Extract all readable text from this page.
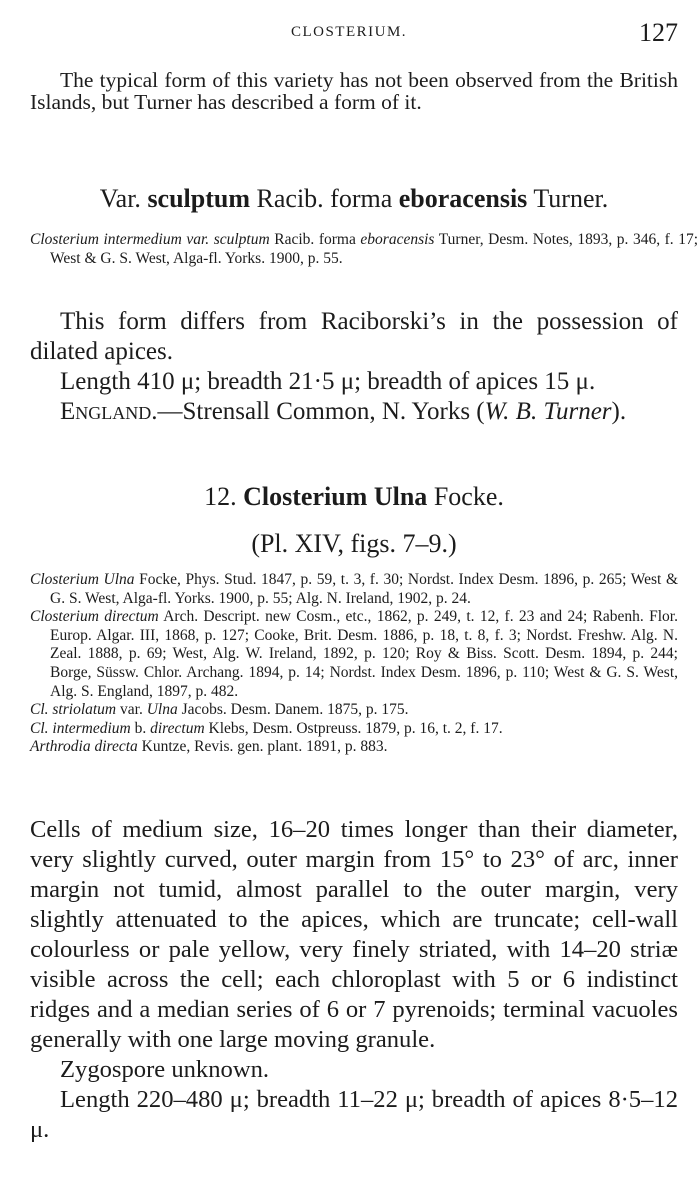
CLOSTERIUM.	127
The typical form of this variety has not been observed from the British Islands, but Turner has described a form of it.
Var. sculptum Racib. forma eboracensis Turner.
Closterium intermedium var. sculptum Racib. forma eboracensis Turner, Desm. Notes, 1893, p. 346, f. 17; West & G. S. West, Alga-fl. Yorks. 1900, p. 55.
This form differs from Raciborski’s in the possession of dilated apices.
Length 410 μ; breadth 21·5 μ; breadth of apices 15 μ.
England.—Strensall Common, N. Yorks (W. B. Turner).
12. Closterium Ulna Focke.
(Pl. XIV, figs. 7–9.)
Closterium Ulna Focke, Phys. Stud. 1847, p. 59, t. 3, f. 30; Nordst. Index Desm. 1896, p. 265; West & G. S. West, Alga-fl. Yorks. 1900, p. 55; Alg. N. Ireland, 1902, p. 24.
Closterium directum Arch. Descript. new Cosm., etc., 1862, p. 249, t. 12, f. 23 and 24; Rabenh. Flor. Europ. Algar. III, 1868, p. 127; Cooke, Brit. Desm. 1886, p. 18, t. 8, f. 3; Nordst. Freshw. Alg. N. Zeal. 1888, p. 69; West, Alg. W. Ireland, 1892, p. 120; Roy & Biss. Scott. Desm. 1894, p. 244; Borge, Süssw. Chlor. Archang. 1894, p. 14; Nordst. Index Desm. 1896, p. 110; West & G. S. West, Alg. S. England, 1897, p. 482.
Cl. striolatum var. Ulna Jacobs. Desm. Danem. 1875, p. 175.
Cl. intermedium b. directum Klebs, Desm. Ostpreuss. 1879, p. 16, t. 2, f. 17.
Arthrodia directa Kuntze, Revis. gen. plant. 1891, p. 883.
Cells of medium size, 16–20 times longer than their diameter, very slightly curved, outer margin from 15° to 23° of arc, inner margin not tumid, almost parallel to the outer margin, very slightly attenuated to the apices, which are truncate; cell-wall colourless or pale yellow, very finely striated, with 14–20 striæ visible across the cell; each chloroplast with 5 or 6 indistinct ridges and a median series of 6 or 7 pyrenoids; terminal vacuoles generally with one large moving granule.
Zygospore unknown.
Length 220–480 μ; breadth 11–22 μ; breadth of apices 8·5–12 μ.
